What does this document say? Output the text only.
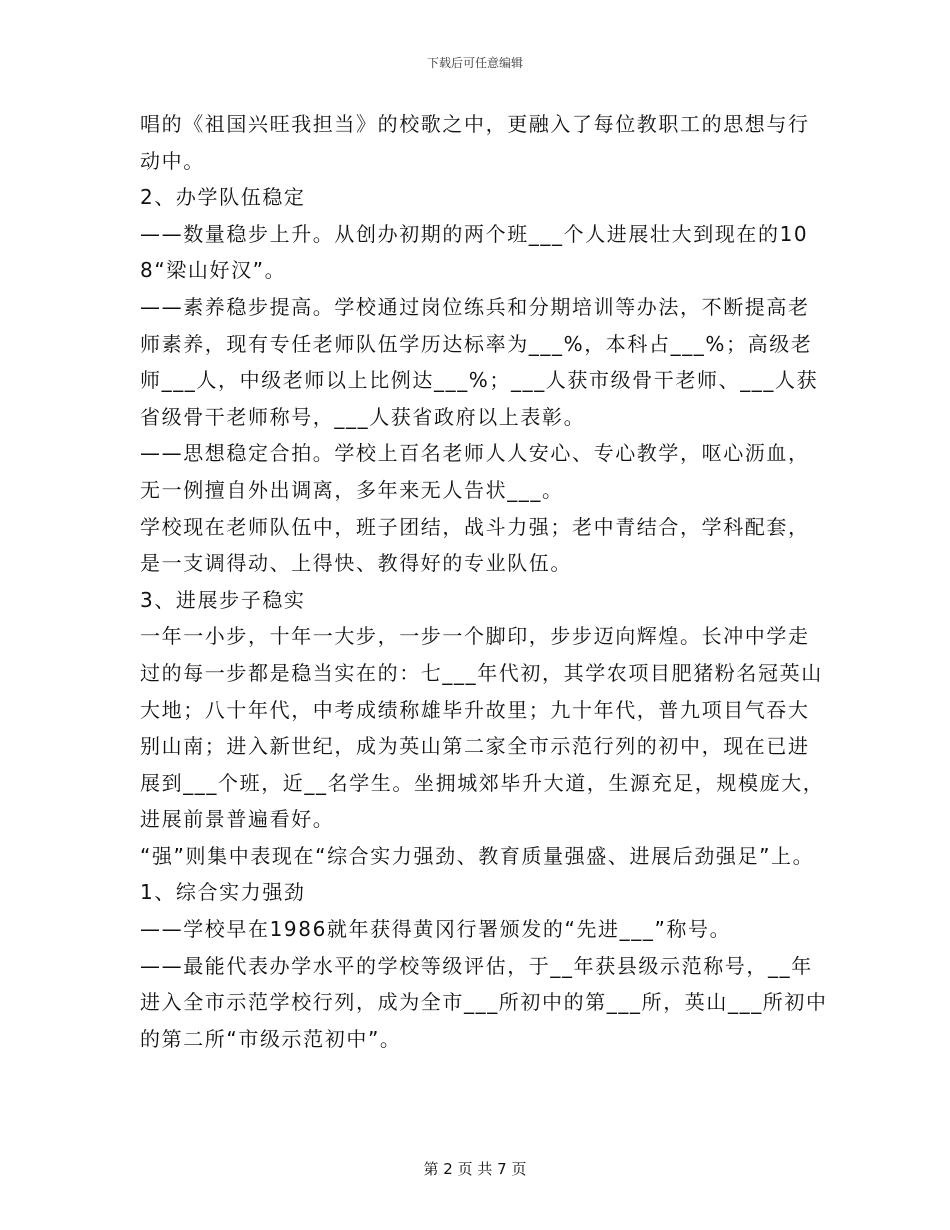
下载后可任意编辑

唱的《祖国兴旺我担当》的校歌之中，更融入了每位教职工的思想与行动中。

2、办学队伍稳定

——数量稳步上升。从创办初期的两个班___个人进展壮大到现在的108“梁山好汉”。

——素养稳步提高。学校通过岗位练兵和分期培训等办法，不断提高老师素养，现有专任老师队伍学历达标率为___%，本科占___%；高级老师___人，中级老师以上比例达___%；___人获市级骨干老师、___人获省级骨干老师称号，___人获省政府以上表彰。

——思想稳定合拍。学校上百名老师人人安心、专心教学，呕心沥血，无一例擅自外出调离，多年来无人告状___。

学校现在老师队伍中，班子团结，战斗力强；老中青结合，学科配套，是一支调得动、上得快、教得好的专业队伍。

3、进展步子稳实

一年一小步，十年一大步，一步一个脚印，步步迈向辉煌。长冲中学走过的每一步都是稳当实在的：七___年代初，其学农项目肥猪粉名冠英山大地；八十年代，中考成绩称雄毕升故里；九十年代，普九项目气吞大别山南；进入新世纪，成为英山第二家全市示范行列的初中，现在已进展到___个班，近__名学生。坐拥城郊毕升大道，生源充足，规模庞大，进展前景普遍看好。

“强”则集中表现在“综合实力强劲、教育质量强盛、进展后劲强足”上。

1、综合实力强劲

——学校早在1986就年获得黄冈行署颁发的“先进___”称号。

——最能代表办学水平的学校等级评估，于__年获县级示范称号，__年进入全市示范学校行列，成为全市___所初中的第___所，英山___所初中的第二所“市级示范初中”。

第 2 页 共 7 页
